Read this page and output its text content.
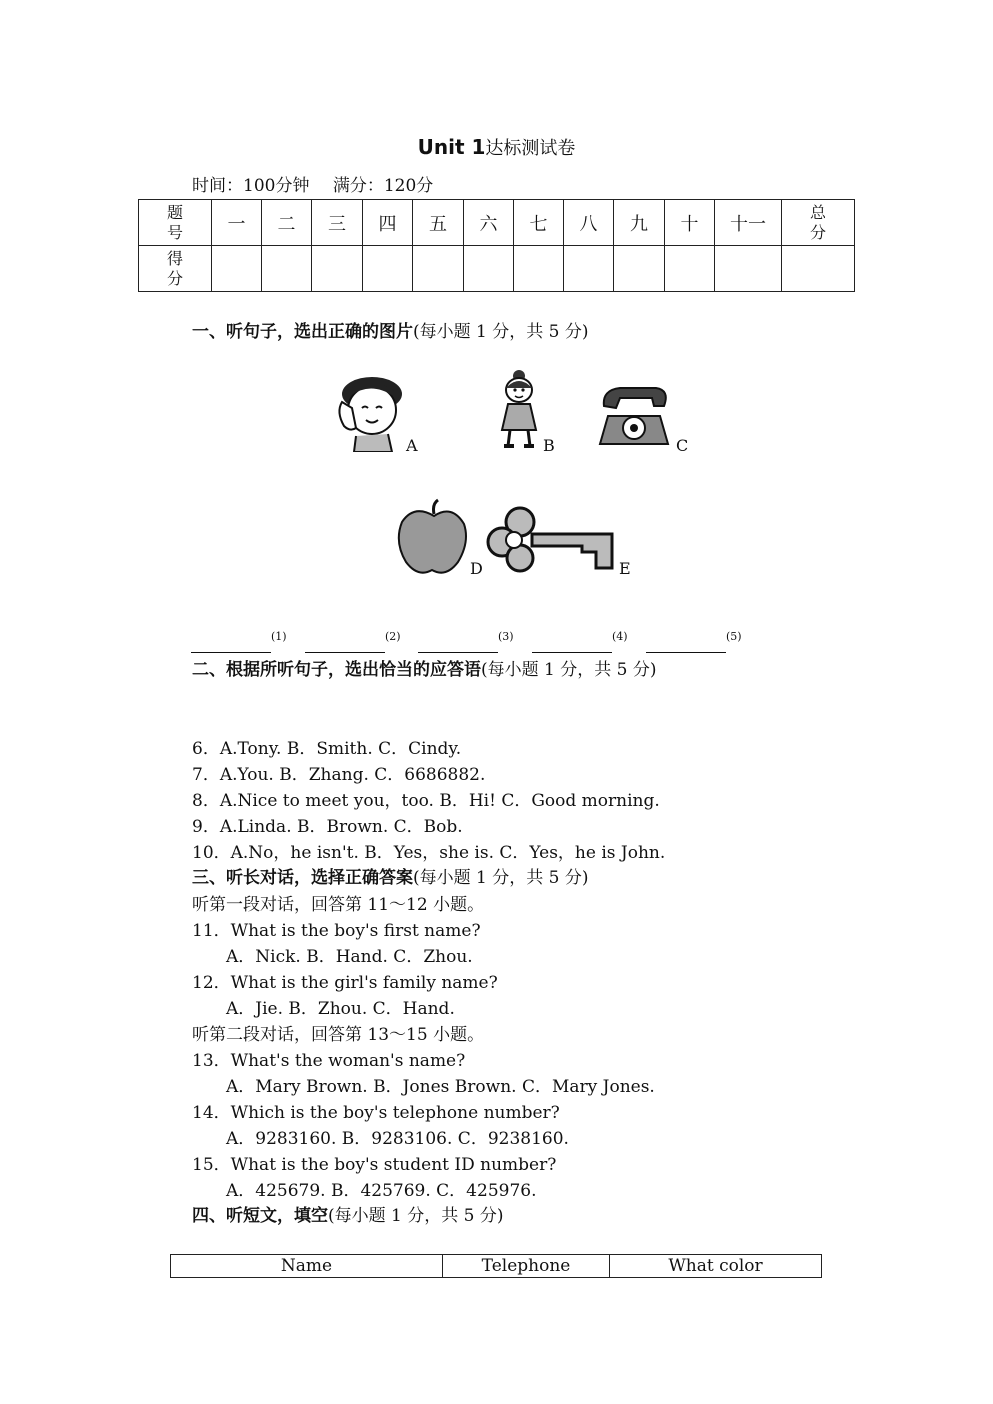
Unit 1达标测试卷
时间：100分钟 满分：120分
题号	一	二	三	四	五	六	七	八	九	十	十一	总分
得分												
一、听句子，选出正确的图片(每小题 1 分，共 5 分)
A	B	C
D	E
(1)	(2)	(3)	(4)	(5)
二、根据所听句子，选出恰当的应答语(每小题 1 分，共 5 分)
6．A.Tony. B．Smith. C．Cindy.
7．A.You. B．Zhang. C．6686882.
8．A.Nice to meet you，too. B．Hi! C．Good morning.
9．A.Linda. B．Brown. C．Bob.
10．A.No，he isn't. B．Yes，she is. C．Yes，he is John.
三、听长对话，选择正确答案(每小题 1 分，共 5 分)
听第一段对话，回答第 11～12 小题。
11．What is the boy's first name?
A．Nick. B．Hand. C．Zhou.
12．What is the girl's family name?
A．Jie. B．Zhou. C．Hand.
听第二段对话，回答第 13～15 小题。
13．What's the woman's name?
A．Mary Brown. B．Jones Brown. C．Mary Jones.
14．Which is the boy's telephone number?
A．9283160. B．9283106. C．9238160.
15．What is the boy's student ID number?
A．425679. B．425769. C．425976.
四、听短文，填空(每小题 1 分，共 5 分)
Name	Telephone	What color
